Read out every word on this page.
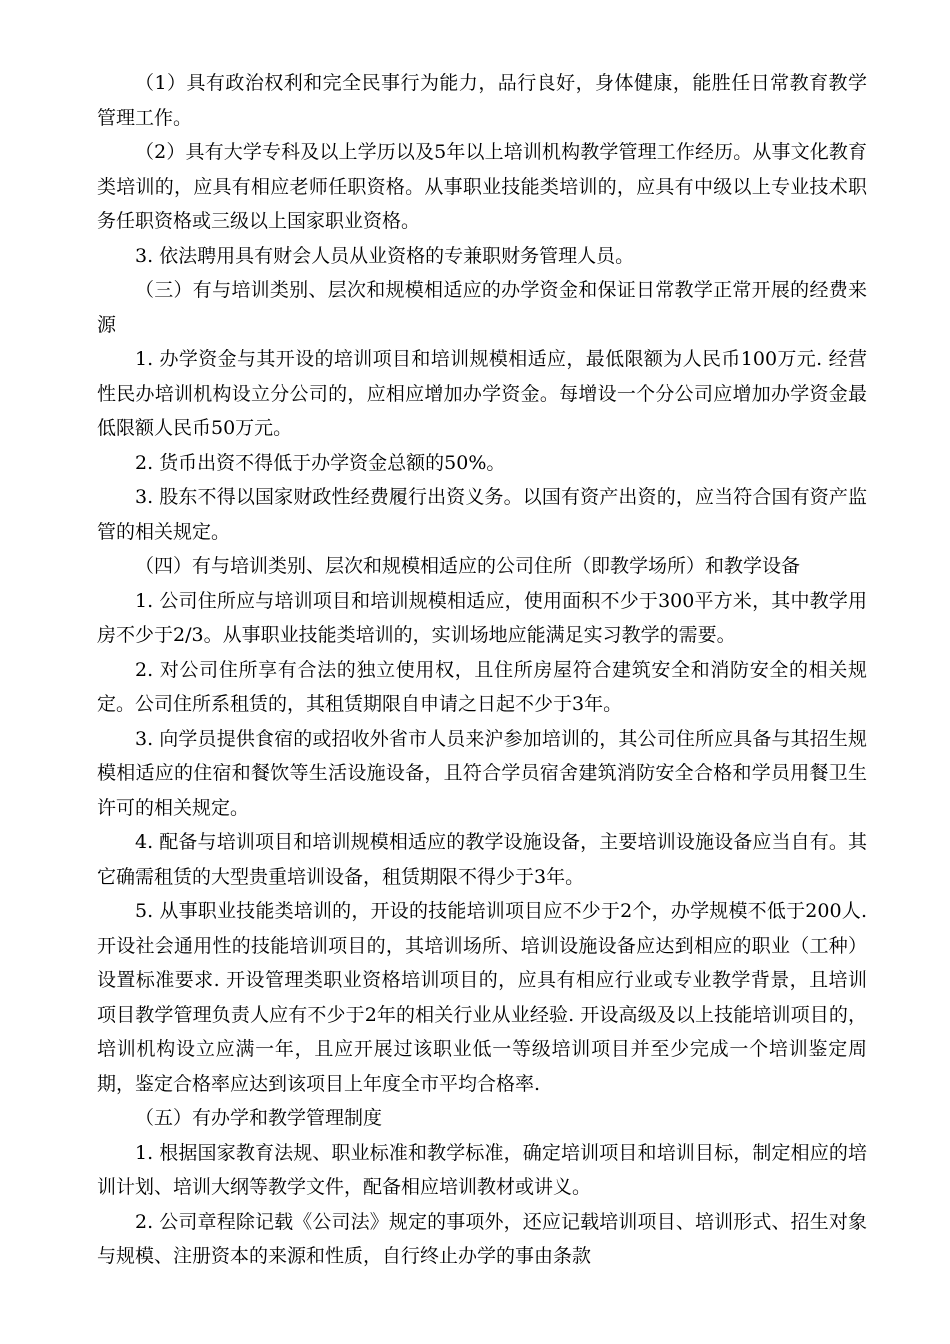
（1）具有政治权利和完全民事行为能力，品行良好，身体健康，能胜任日常教育教学管理工作。

（2）具有大学专科及以上学历以及5年以上培训机构教学管理工作经历。从事文化教育类培训的，应具有相应老师任职资格。从事职业技能类培训的，应具有中级以上专业技术职务任职资格或三级以上国家职业资格。

3. 依法聘用具有财会人员从业资格的专兼职财务管理人员。

（三）有与培训类别、层次和规模相适应的办学资金和保证日常教学正常开展的经费来源

1. 办学资金与其开设的培训项目和培训规模相适应，最低限额为人民币100万元. 经营性民办培训机构设立分公司的，应相应增加办学资金。每增设一个分公司应增加办学资金最低限额人民币50万元。

2. 货币出资不得低于办学资金总额的50%。

3. 股东不得以国家财政性经费履行出资义务。以国有资产出资的，应当符合国有资产监管的相关规定。

（四）有与培训类别、层次和规模相适应的公司住所（即教学场所）和教学设备

1. 公司住所应与培训项目和培训规模相适应，使用面积不少于300平方米，其中教学用房不少于2/3。从事职业技能类培训的，实训场地应能满足实习教学的需要。

2. 对公司住所享有合法的独立使用权，且住所房屋符合建筑安全和消防安全的相关规定。公司住所系租赁的，其租赁期限自申请之日起不少于3年。

3. 向学员提供食宿的或招收外省市人员来沪参加培训的，其公司住所应具备与其招生规模相适应的住宿和餐饮等生活设施设备，且符合学员宿舍建筑消防安全合格和学员用餐卫生许可的相关规定。

4. 配备与培训项目和培训规模相适应的教学设施设备，主要培训设施设备应当自有。其它确需租赁的大型贵重培训设备，租赁期限不得少于3年。

5. 从事职业技能类培训的，开设的技能培训项目应不少于2个，办学规模不低于200人. 开设社会通用性的技能培训项目的，其培训场所、培训设施设备应达到相应的职业（工种）设置标准要求. 开设管理类职业资格培训项目的，应具有相应行业或专业教学背景，且培训项目教学管理负责人应有不少于2年的相关行业从业经验. 开设高级及以上技能培训项目的，培训机构设立应满一年，且应开展过该职业低一等级培训项目并至少完成一个培训鉴定周期，鉴定合格率应达到该项目上年度全市平均合格率.

（五）有办学和教学管理制度

1. 根据国家教育法规、职业标准和教学标准，确定培训项目和培训目标，制定相应的培训计划、培训大纲等教学文件，配备相应培训教材或讲义。

2. 公司章程除记载《公司法》规定的事项外，还应记载培训项目、培训形式、招生对象与规模、注册资本的来源和性质，自行终止办学的事由条款
